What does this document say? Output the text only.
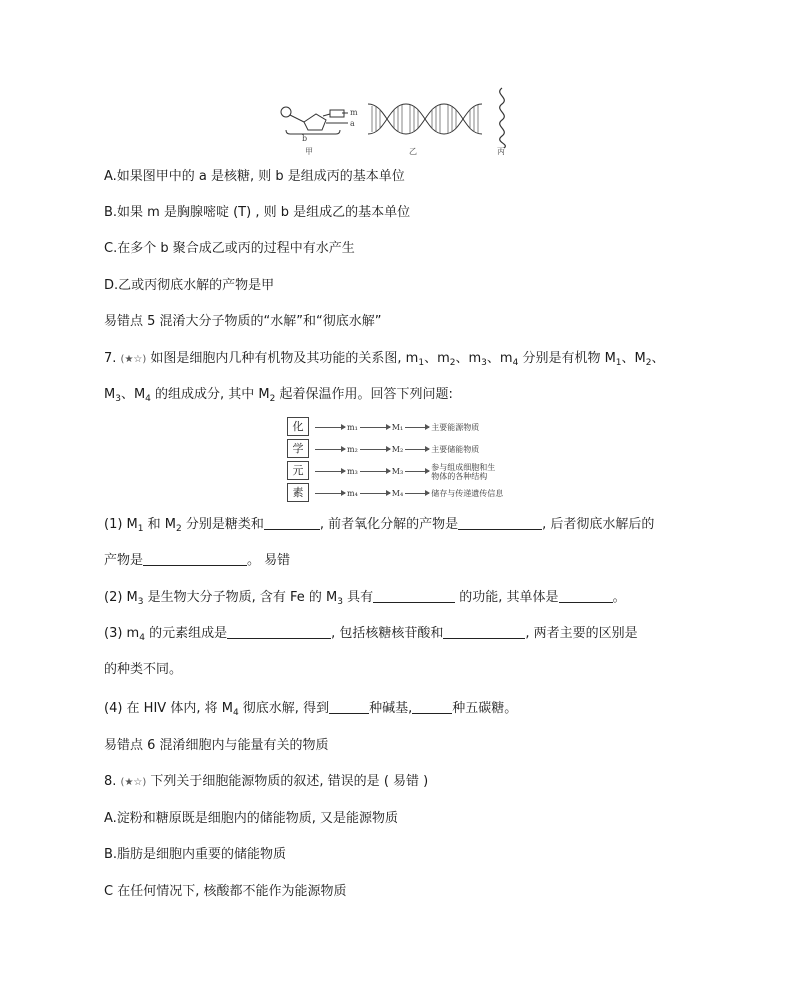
m
a
b
甲	乙	丙
A.如果图甲中的 a 是核糖, 则 b 是组成丙的基本单位
B.如果 m 是胸腺嘧啶 (T) , 则 b 是组成乙的基本单位
C.在多个 b 聚合成乙或丙的过程中有水产生
D.乙或丙彻底水解的产物是甲
易错点 5 混淆大分子物质的“水解”和“彻底水解”
7. (★☆) 如图是细胞内几种有机物及其功能的关系图, $m_1$、$m_2$、$m_3$、$m_4$ 分别是有机物 $M_1$、$M_2$、
$M_3$、$M_4$ 的组成成分, 其中 $M_2$ 起着保温作用。回答下列问题:
化
学
元
素
m₁	M₁	主要能源物质
m₂	M₂	主要储能物质
m₃	M₃	参与组成细胞和生
物体的各种结构
m₄	M₄	储存与传递遗传信息
(1) $M_1$ 和 $M_2$ 分别是糖类和	, 前者氧化分解的产物是	, 后者彻底水解后的
产物是	。 易错
(2) $M_3$ 是生物大分子物质, 含有 Fe 的 $M_3$ 具有	的功能, 其单体是	。
(3) $m_4$ 的元素组成是	, 包括核糖核苷酸和	, 两者主要的区别是
的种类不同。
(4) 在 HIV 体内, 将 $M_4$ 彻底水解, 得到	种碱基,	种五碳糖。
易错点 6 混淆细胞内与能量有关的物质
8. (★☆) 下列关于细胞能源物质的叙述, 错误的是 ( 易错 )
A.淀粉和糖原既是细胞内的储能物质, 又是能源物质
B.脂肪是细胞内重要的储能物质
C 在任何情况下, 核酸都不能作为能源物质
